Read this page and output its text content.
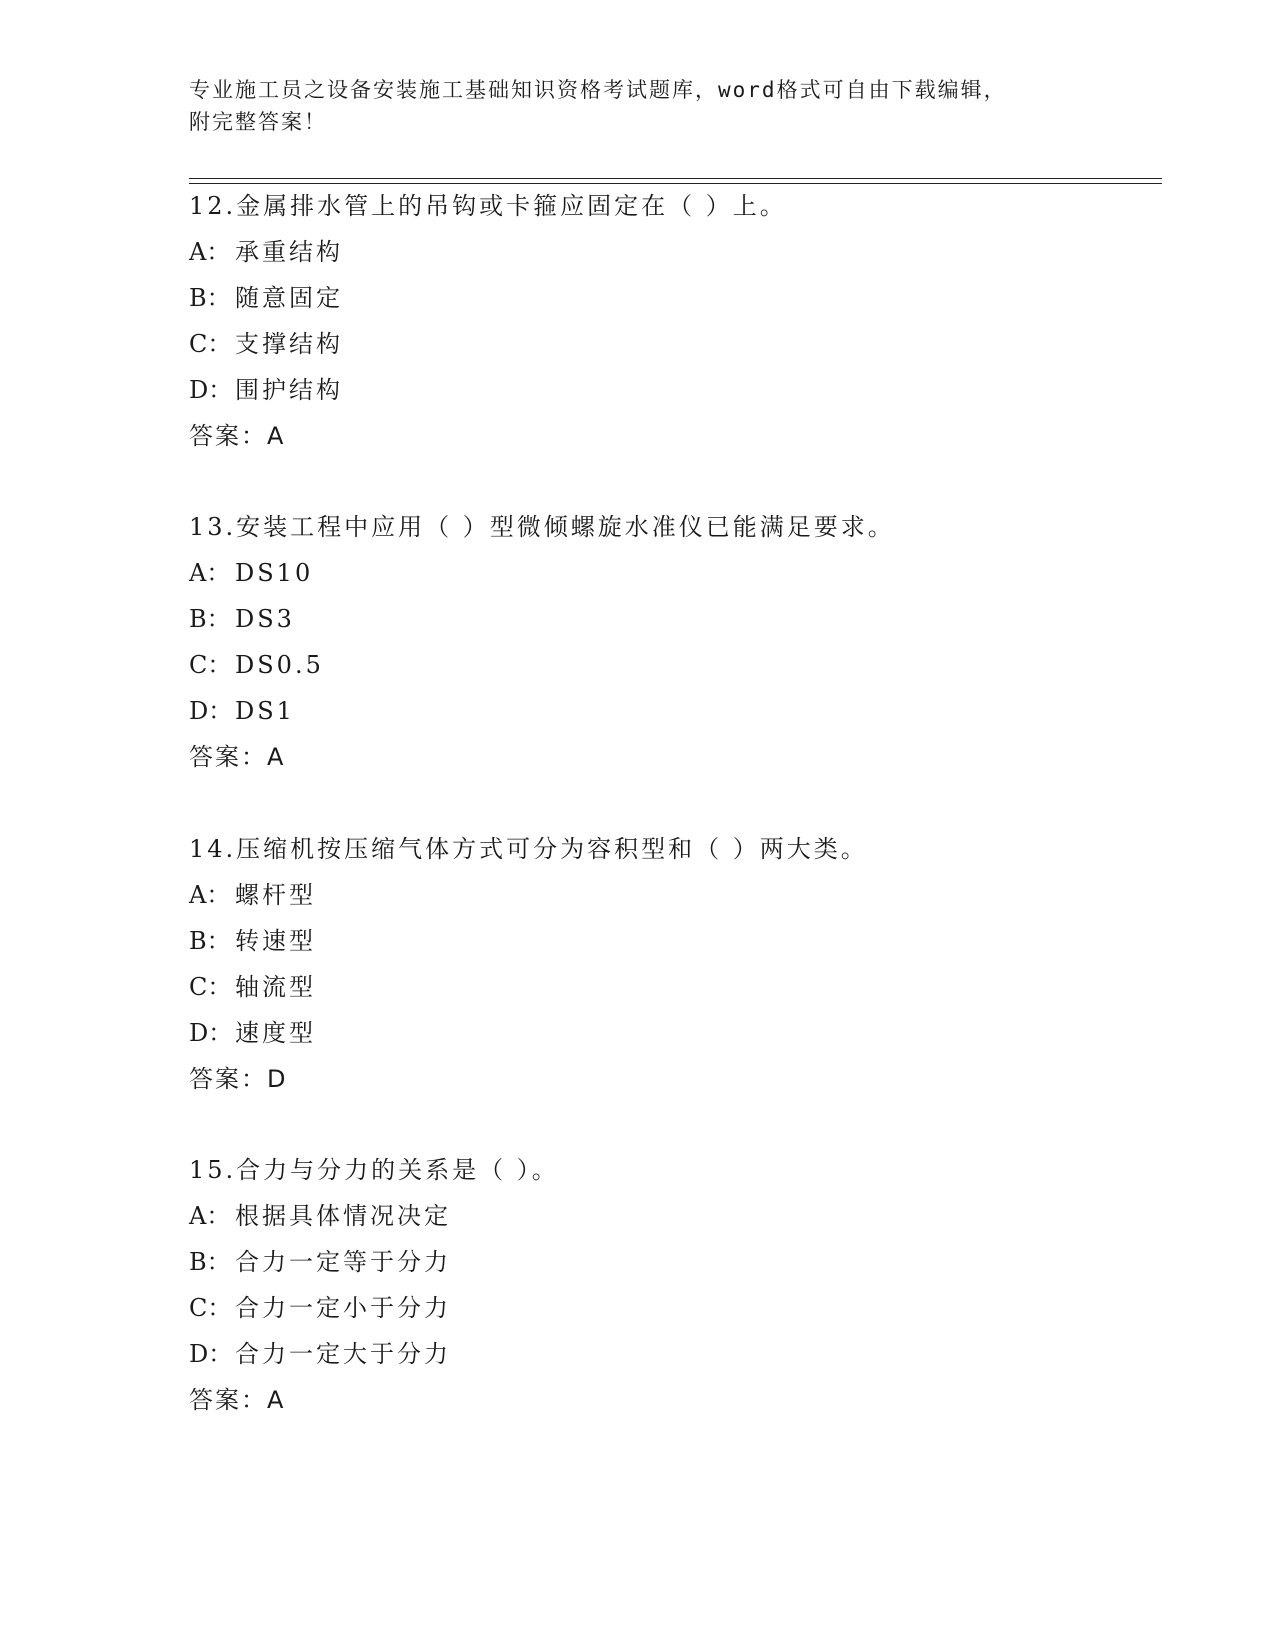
专业施工员之设备安装施工基础知识资格考试题库，word格式可自由下载编辑，
附完整答案！
12.金属排水管上的吊钩或卡箍应固定在（ ）上。
A： 承重结构
B： 随意固定
C： 支撑结构
D： 围护结构
答案：A
13.安装工程中应用（ ）型微倾螺旋水准仪已能满足要求。
A： DS10
B： DS3
C： DS0.5
D： DS1
答案：A
14.压缩机按压缩气体方式可分为容积型和（ ）两大类。
A： 螺杆型
B： 转速型
C： 轴流型
D： 速度型
答案：D
15.合力与分力的关系是（ ）。
A： 根据具体情况决定
B： 合力一定等于分力
C： 合力一定小于分力
D： 合力一定大于分力
答案：A
